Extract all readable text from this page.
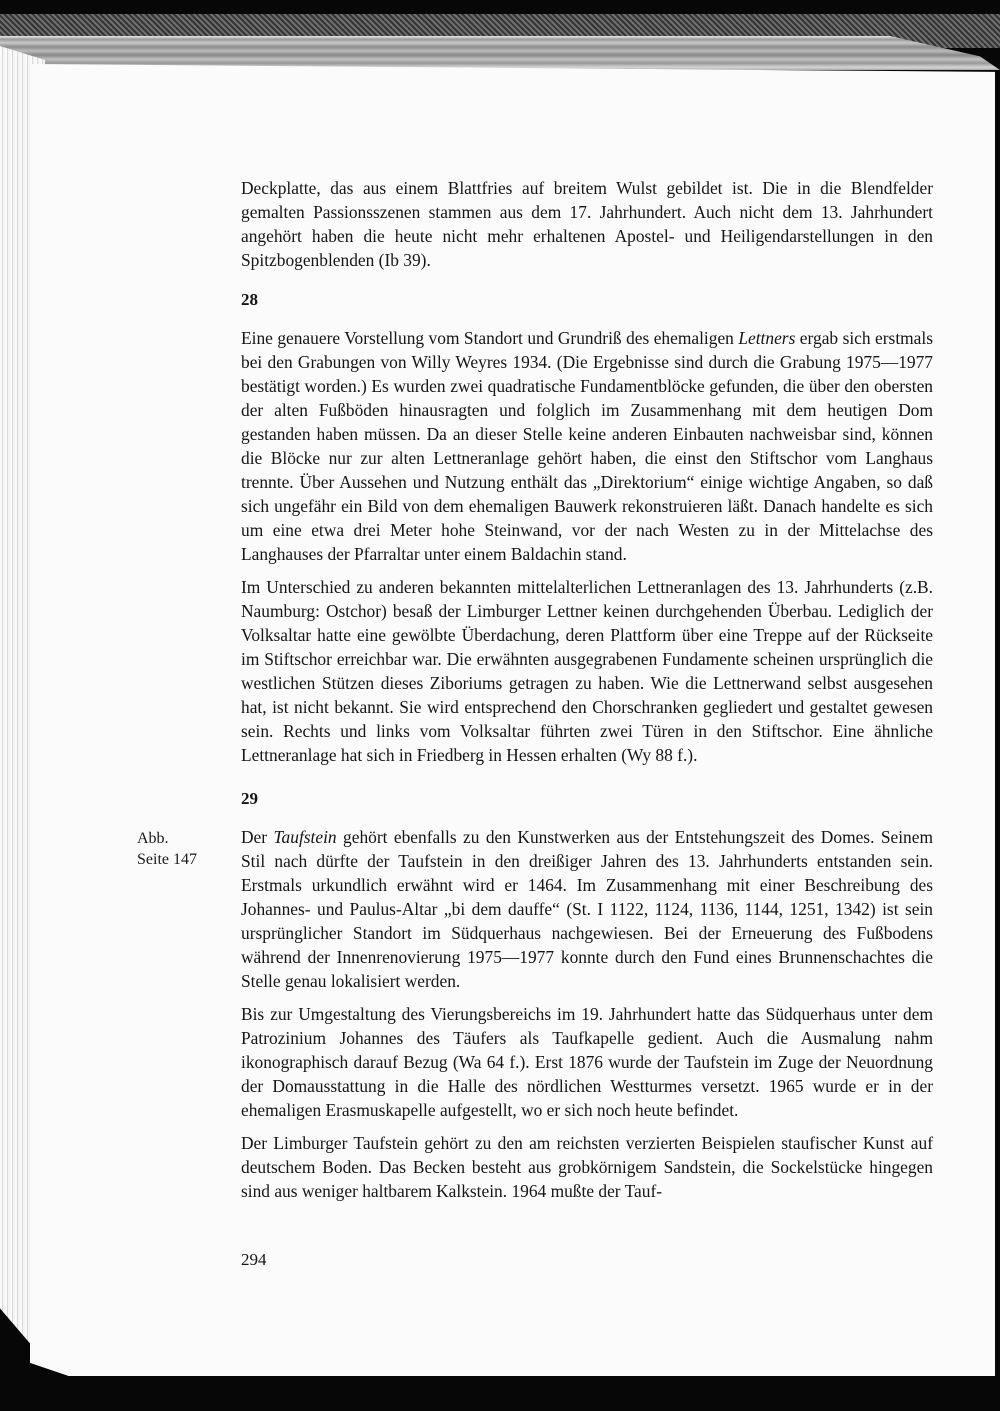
Abb.
Seite 147

Deckplatte, das aus einem Blattfries auf breitem Wulst gebildet ist. Die in die Blendfelder gemalten Passionsszenen stammen aus dem 17. Jahrhundert. Auch nicht dem 13. Jahrhundert angehört haben die heute nicht mehr erhaltenen Apostel- und Heiligendarstellungen in den Spitzbogenblenden (Ib 39).

28

Eine genauere Vorstellung vom Standort und Grundriß des ehemaligen Lettners ergab sich erstmals bei den Grabungen von Willy Weyres 1934. (Die Ergebnisse sind durch die Grabung 1975—1977 bestätigt worden.) Es wurden zwei quadratische Fundamentblöcke gefunden, die über den obersten der alten Fußböden hinausragten und folglich im Zusammenhang mit dem heutigen Dom gestanden haben müssen. Da an dieser Stelle keine anderen Einbauten nachweisbar sind, können die Blöcke nur zur alten Lettneranlage gehört haben, die einst den Stiftschor vom Langhaus trennte. Über Aussehen und Nutzung enthält das „Direktorium“ einige wichtige Angaben, so daß sich ungefähr ein Bild von dem ehemaligen Bauwerk rekonstruieren läßt. Danach handelte es sich um eine etwa drei Meter hohe Steinwand, vor der nach Westen zu in der Mittelachse des Langhauses der Pfarraltar unter einem Baldachin stand.

Im Unterschied zu anderen bekannten mittelalterlichen Lettneranlagen des 13. Jahrhunderts (z.B. Naumburg: Ostchor) besaß der Limburger Lettner keinen durchgehenden Überbau. Lediglich der Volksaltar hatte eine gewölbte Überdachung, deren Plattform über eine Treppe auf der Rückseite im Stiftschor erreichbar war. Die erwähnten ausgegrabenen Fundamente scheinen ursprünglich die westlichen Stützen dieses Ziboriums getragen zu haben. Wie die Lettnerwand selbst ausgesehen hat, ist nicht bekannt. Sie wird entsprechend den Chorschranken gegliedert und gestaltet gewesen sein. Rechts und links vom Volksaltar führten zwei Türen in den Stiftschor. Eine ähnliche Lettneranlage hat sich in Friedberg in Hessen erhalten (Wy 88 f.).

29

Der Taufstein gehört ebenfalls zu den Kunstwerken aus der Entstehungszeit des Domes. Seinem Stil nach dürfte der Taufstein in den dreißiger Jahren des 13. Jahrhunderts entstanden sein. Erstmals urkundlich erwähnt wird er 1464. Im Zusammenhang mit einer Beschreibung des Johannes- und Paulus-Altar „bi dem dauffe“ (St. I 1122, 1124, 1136, 1144, 1251, 1342) ist sein ursprünglicher Standort im Südquerhaus nachgewiesen. Bei der Erneuerung des Fußbodens während der Innenrenovierung 1975—1977 konnte durch den Fund eines Brunnenschachtes die Stelle genau lokalisiert werden.

Bis zur Umgestaltung des Vierungsbereichs im 19. Jahrhundert hatte das Südquerhaus unter dem Patrozinium Johannes des Täufers als Taufkapelle gedient. Auch die Ausmalung nahm ikonographisch darauf Bezug (Wa 64 f.). Erst 1876 wurde der Taufstein im Zuge der Neuordnung der Domausstattung in die Halle des nördlichen Westturmes versetzt. 1965 wurde er in der ehemaligen Erasmuskapelle aufgestellt, wo er sich noch heute befindet.

Der Limburger Taufstein gehört zu den am reichsten verzierten Beispielen staufischer Kunst auf deutschem Boden. Das Becken besteht aus grobkörnigem Sandstein, die Sockelstücke hingegen sind aus weniger haltbarem Kalkstein. 1964 mußte der Tauf-

294
